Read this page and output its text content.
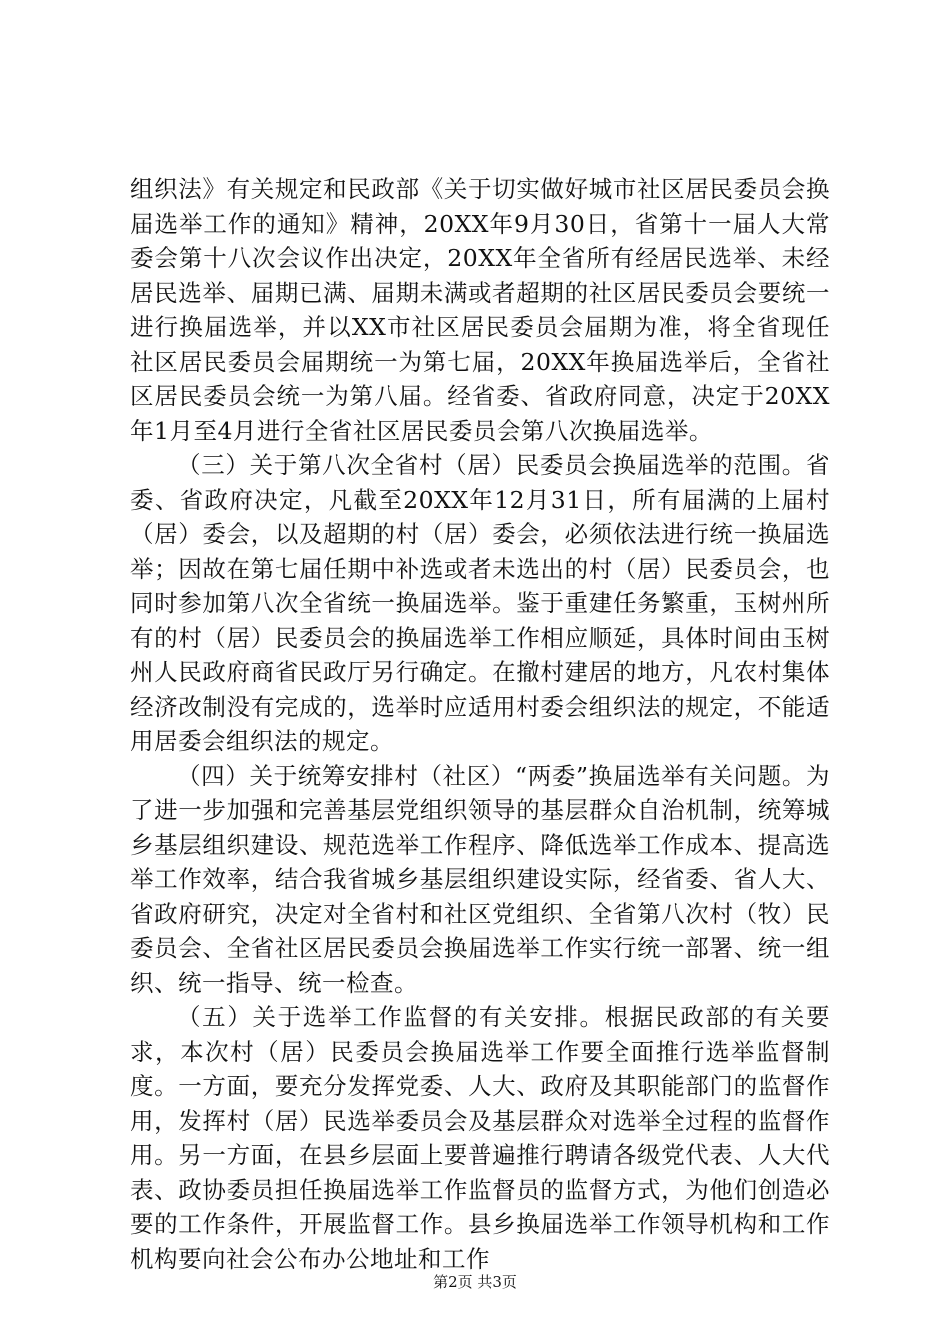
组织法》有关规定和民政部《关于切实做好城市社区居民委员会换届选举工作的通知》精神，20XX年9月30日，省第十一届人大常委会第十八次会议作出决定，20XX年全省所有经居民选举、未经居民选举、届期已满、届期未满或者超期的社区居民委员会要统一进行换届选举，并以XX市社区居民委员会届期为准，将全省现任社区居民委员会届期统一为第七届，20XX年换届选举后，全省社区居民委员会统一为第八届。经省委、省政府同意，决定于20XX年1月至4月进行全省社区居民委员会第八次换届选举。

（三）关于第八次全省村（居）民委员会换届选举的范围。省委、省政府决定，凡截至20XX年12月31日，所有届满的上届村（居）委会，以及超期的村（居）委会，必须依法进行统一换届选举；因故在第七届任期中补选或者未选出的村（居）民委员会，也同时参加第八次全省统一换届选举。鉴于重建任务繁重，玉树州所有的村（居）民委员会的换届选举工作相应顺延，具体时间由玉树州人民政府商省民政厅另行确定。在撤村建居的地方，凡农村集体经济改制没有完成的，选举时应适用村委会组织法的规定，不能适用居委会组织法的规定。

（四）关于统筹安排村（社区）“两委”换届选举有关问题。为了进一步加强和完善基层党组织领导的基层群众自治机制，统筹城乡基层组织建设、规范选举工作程序、降低选举工作成本、提高选举工作效率，结合我省城乡基层组织建设实际，经省委、省人大、省政府研究，决定对全省村和社区党组织、全省第八次村（牧）民委员会、全省社区居民委员会换届选举工作实行统一部署、统一组织、统一指导、统一检查。

（五）关于选举工作监督的有关安排。根据民政部的有关要求，本次村（居）民委员会换届选举工作要全面推行选举监督制度。一方面，要充分发挥党委、人大、政府及其职能部门的监督作用，发挥村（居）民选举委员会及基层群众对选举全过程的监督作用。另一方面，在县乡层面上要普遍推行聘请各级党代表、人大代表、政协委员担任换届选举工作监督员的监督方式，为他们创造必要的工作条件，开展监督工作。县乡换届选举工作领导机构和工作机构要向社会公布办公地址和工作

第2页 共3页
